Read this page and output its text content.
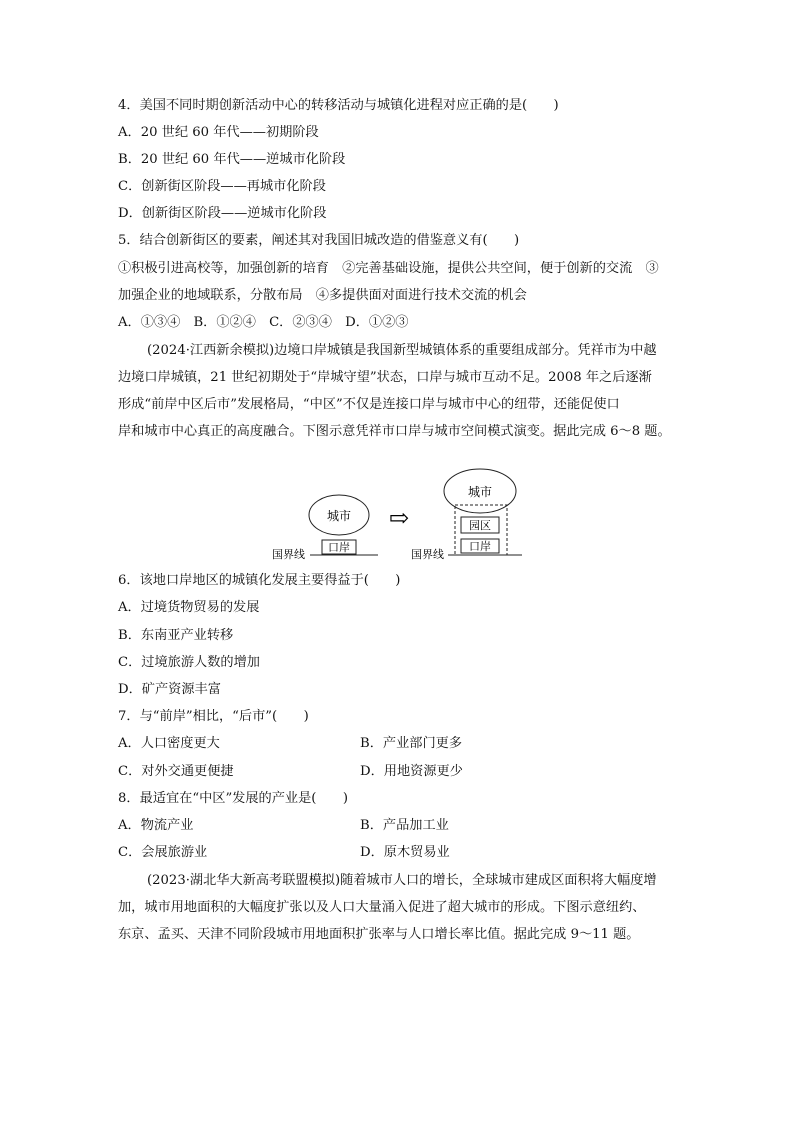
4．美国不同时期创新活动中心的转移活动与城镇化进程对应正确的是(　　)
A．20 世纪 60 年代——初期阶段
B．20 世纪 60 年代——逆城市化阶段
C．创新街区阶段——再城市化阶段
D．创新街区阶段——逆城市化阶段
5．结合创新街区的要素，阐述其对我国旧城改造的借鉴意义有(　　)
①积极引进高校等，加强创新的培育　②完善基础设施，提供公共空间，便于创新的交流　③
加强企业的地域联系，分散布局　④多提供面对面进行技术交流的机会
A．①③④　B．①②④　C．②③④　D．①②③
(2024·江西新余模拟)边境口岸城镇是我国新型城镇体系的重要组成部分。凭祥市为中越
边境口岸城镇，21 世纪初期处于“岸城守望”状态，口岸与城市互动不足。2008 年之后逐渐
形成“前岸中区后市”发展格局，“中区”不仅是连接口岸与城市中心的纽带，还能促使口
岸和城市中心真正的高度融合。下图示意凭祥市口岸与城市空间模式演变。据此完成 6～8 题。
城市
口岸
国界线
⇨
城市
园区
口岸
国界线
6．该地口岸地区的城镇化发展主要得益于(　　)
A．过境货物贸易的发展
B．东南亚产业转移
C．过境旅游人数的增加
D．矿产资源丰富
7．与“前岸”相比，“后市”(　　)
A．人口密度更大	B．产业部门更多
C．对外交通更便捷	D．用地资源更少
8．最适宜在“中区”发展的产业是(　　)
A．物流产业	B．产品加工业
C．会展旅游业	D．原木贸易业
(2023·湖北华大新高考联盟模拟)随着城市人口的增长，全球城市建成区面积将大幅度增
加，城市用地面积的大幅度扩张以及人口大量涌入促进了超大城市的形成。下图示意纽约、
东京、孟买、天津不同阶段城市用地面积扩张率与人口增长率比值。据此完成 9～11 题。
